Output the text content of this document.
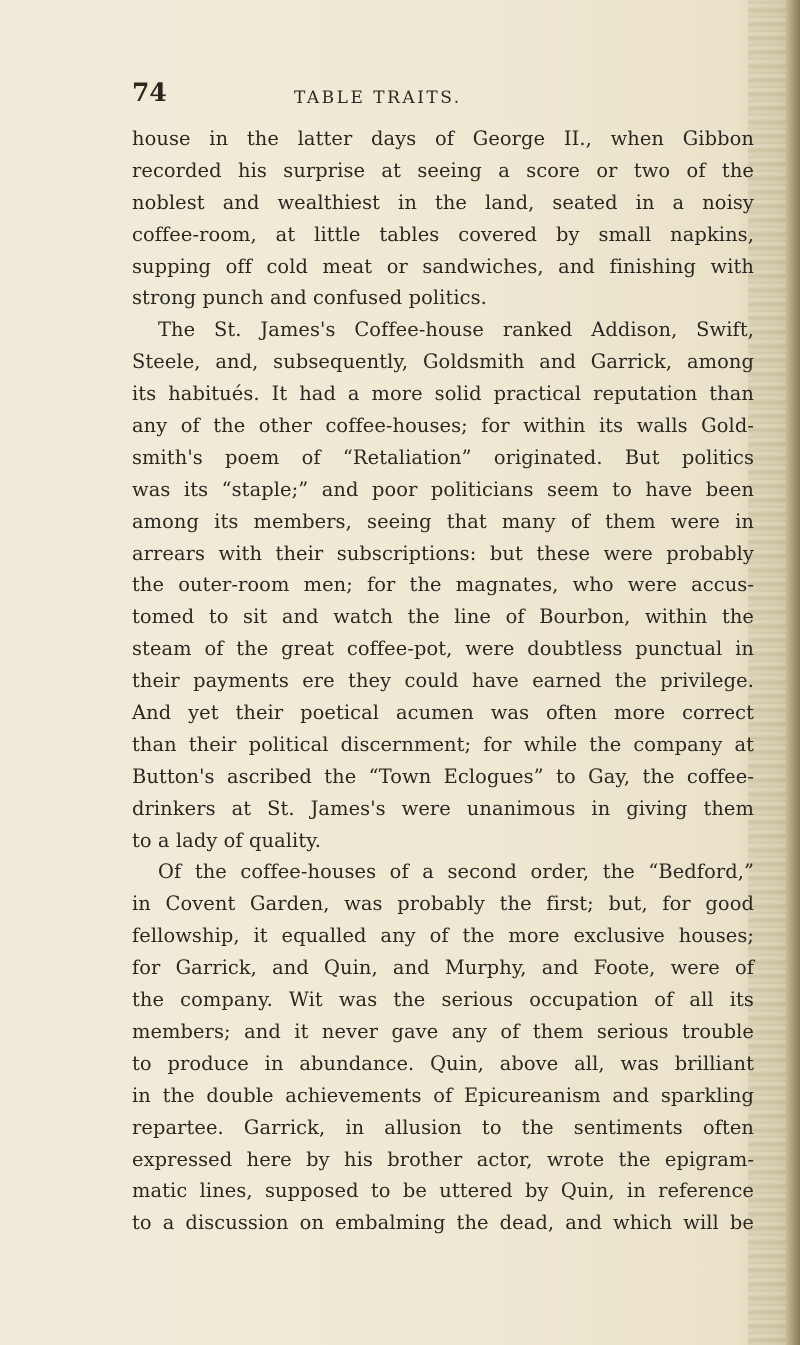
74	TABLE TRAITS.
house in the latter days of George II., when Gibbon
recorded his surprise at seeing a score or two of the
noblest and wealthiest in the land, seated in a noisy
coffee-room, at little tables covered by small napkins,
supping off cold meat or sandwiches, and finishing with
strong punch and confused politics.
The St. James's Coffee-house ranked Addison, Swift,
Steele, and, subsequently, Goldsmith and Garrick, among
its habitués. It had a more solid practical reputation than
any of the other coffee-houses; for within its walls Gold-
smith's poem of “Retaliation” originated. But politics
was its “staple;” and poor politicians seem to have been
among its members, seeing that many of them were in
arrears with their subscriptions: but these were probably
the outer-room men; for the magnates, who were accus-
tomed to sit and watch the line of Bourbon, within the
steam of the great coffee-pot, were doubtless punctual in
their payments ere they could have earned the privilege.
And yet their poetical acumen was often more correct
than their political discernment; for while the company at
Button's ascribed the “Town Eclogues” to Gay, the coffee-
drinkers at St. James's were unanimous in giving them
to a lady of quality.
Of the coffee-houses of a second order, the “Bedford,”
in Covent Garden, was probably the first; but, for good
fellowship, it equalled any of the more exclusive houses;
for Garrick, and Quin, and Murphy, and Foote, were of
the company. Wit was the serious occupation of all its
members; and it never gave any of them serious trouble
to produce in abundance. Quin, above all, was brilliant
in the double achievements of Epicureanism and sparkling
repartee. Garrick, in allusion to the sentiments often
expressed here by his brother actor, wrote the epigram-
matic lines, supposed to be uttered by Quin, in reference
to a discussion on embalming the dead, and which will be
